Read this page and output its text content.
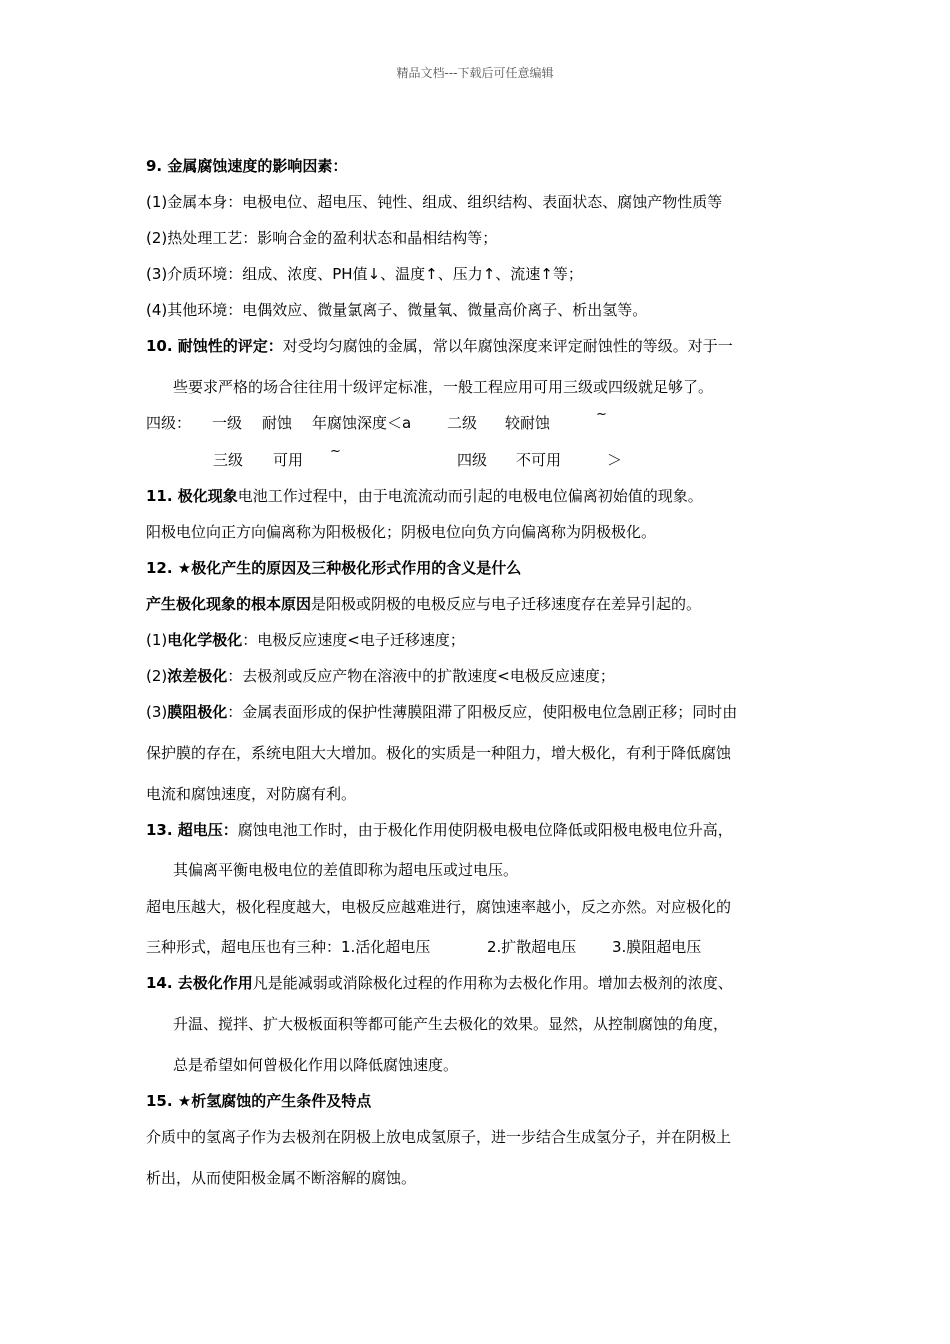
精品文档---下载后可任意编辑
9. 金属腐蚀速度的影响因素：
(1)金属本身：电极电位、超电压、钝性、组成、组织结构、表面状态、腐蚀产物性质等
(2)热处理工艺：影响合金的盈利状态和晶相结构等；
(3)介质环境：组成、浓度、PH值↓、温度↑、压力↑、流速↑等；
(4)其他环境：电偶效应、微量氯离子、微量氧、微量高价离子、析出氢等。
10. 耐蚀性的评定：对受均匀腐蚀的金属，常以年腐蚀深度来评定耐蚀性的等级。对于一
些要求严格的场合往往用十级评定标准，一般工程应用可用三级或四级就足够了。
四级： 一级 耐蚀 年腐蚀深度＜a 二级 较耐蚀	~
三级 可用 ~	四级 不可用	＞
11. 极化现象电池工作过程中，由于电流流动而引起的电极电位偏离初始值的现象。
阳极电位向正方向偏离称为阳极极化；阴极电位向负方向偏离称为阴极极化。
12. ★极化产生的原因及三种极化形式作用的含义是什么
产生极化现象的根本原因是阳极或阴极的电极反应与电子迁移速度存在差异引起的。
(1)电化学极化：电极反应速度<电子迁移速度；
(2)浓差极化：去极剂或反应产物在溶液中的扩散速度<电极反应速度；
(3)膜阻极化：金属表面形成的保护性薄膜阻滞了阳极反应，使阳极电位急剧正移；同时由
保护膜的存在，系统电阻大大增加。极化的实质是一种阻力，增大极化，有利于降低腐蚀
电流和腐蚀速度，对防腐有利。
13. 超电压：腐蚀电池工作时，由于极化作用使阴极电极电位降低或阳极电极电位升高，
其偏离平衡电极电位的差值即称为超电压或过电压。
超电压越大，极化程度越大，电极反应越难进行，腐蚀速率越小，反之亦然。对应极化的
三种形式，超电压也有三种：1.活化超电压	2.扩散超电压 3.膜阻超电压
14. 去极化作用凡是能减弱或消除极化过程的作用称为去极化作用。增加去极剂的浓度、
升温、搅拌、扩大极板面积等都可能产生去极化的效果。显然，从控制腐蚀的角度，
总是希望如何曾极化作用以降低腐蚀速度。
15. ★析氢腐蚀的产生条件及特点
介质中的氢离子作为去极剂在阴极上放电成氢原子，进一步结合生成氢分子，并在阴极上
析出，从而使阳极金属不断溶解的腐蚀。
